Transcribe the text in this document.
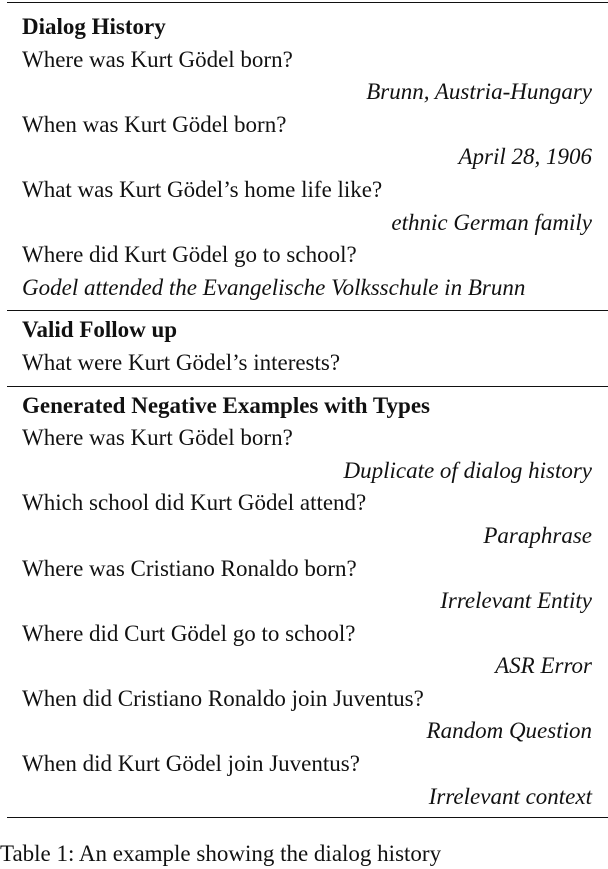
Dialog History
Where was Kurt Gödel born?
Brunn, Austria-Hungary
When was Kurt Gödel born?
April 28, 1906
What was Kurt Gödel’s home life like?
ethnic German family
Where did Kurt Gödel go to school?
Godel attended the Evangelische Volksschule in Brunn
Valid Follow up
What were Kurt Gödel’s interests?
Generated Negative Examples with Types
Where was Kurt Gödel born?
Duplicate of dialog history
Which school did Kurt Gödel attend?
Paraphrase
Where was Cristiano Ronaldo born?
Irrelevant Entity
Where did Curt Gödel go to school?
ASR Error
When did Cristiano Ronaldo join Juventus?
Random Question
When did Kurt Gödel join Juventus?
Irrelevant context
Table 1: An example showing the dialog history
